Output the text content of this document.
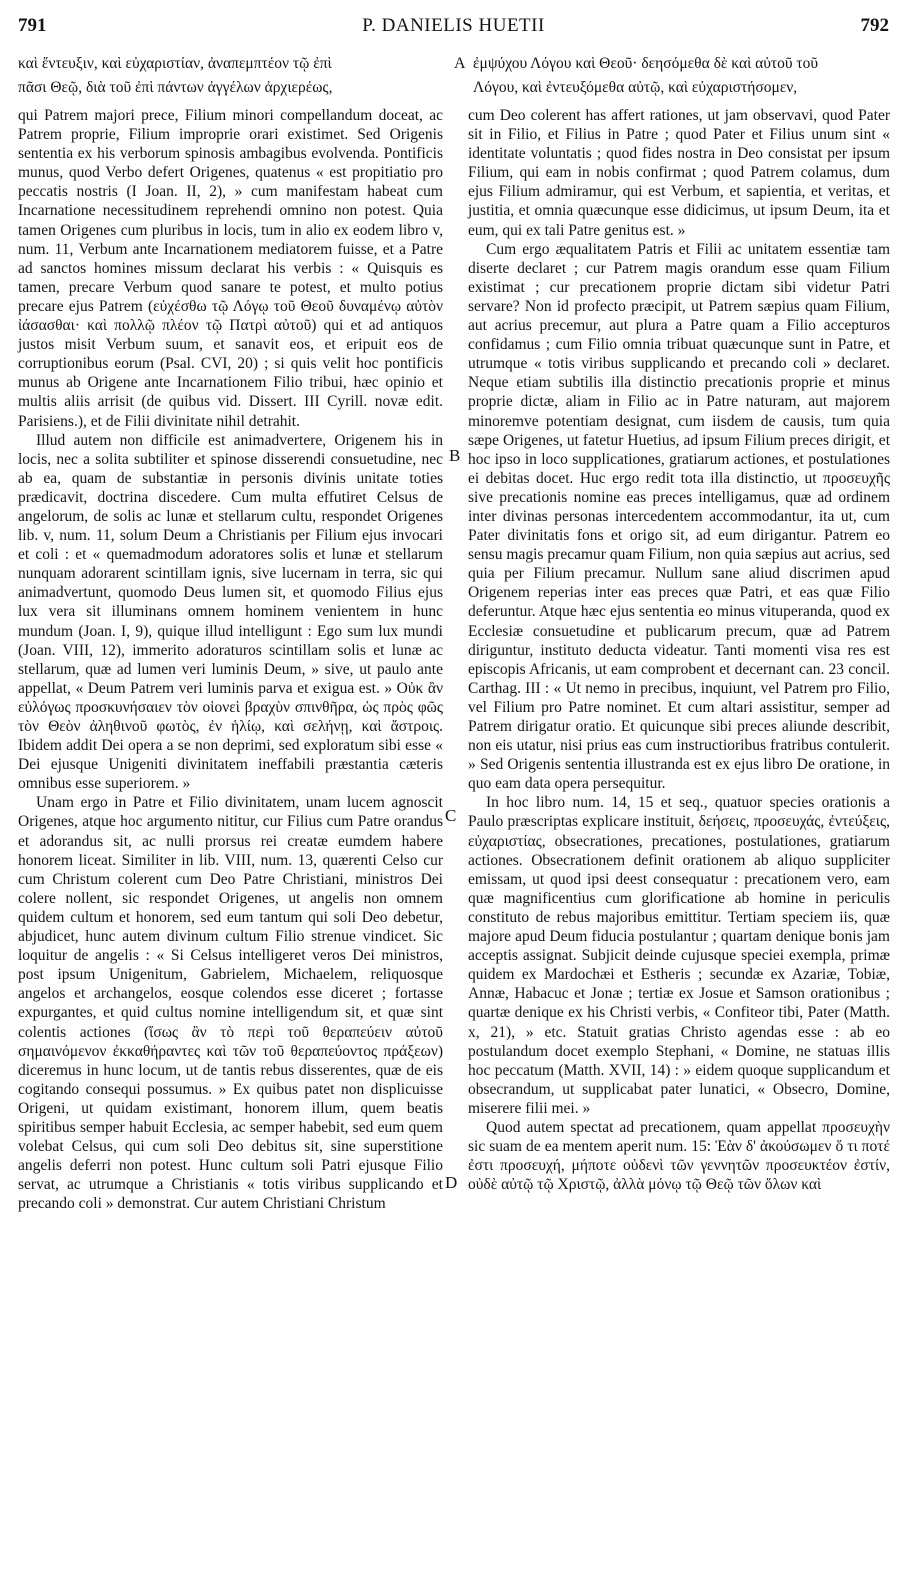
791	P. DANIELIS HUETII	792
καὶ ἔντευξιν, καὶ εὐχαριστίαν, ἀναπεμπτέον τῷ ἐπὶ
πᾶσι Θεῷ, διὰ τοῦ ἐπὶ πάντων ἀγγέλων ἀρχιερέως,
A ἐμψύχου Λόγου καὶ Θεοῦ· δεησόμεθα δὲ καὶ αὐτοῦ τοῦ
Λόγου, καὶ ἐντευξόμεθα αὐτῷ, καὶ εὐχαριστήσομεν,

qui Patrem majori prece, Filium minori compellandum doceat, ac Patrem proprie, Filium improprie orari existimet. Sed Origenis sententia ex his verborum spinosis ambagibus evolvenda. Pontificis munus, quod Verbo defert Origenes, quatenus « est propitiatio pro peccatis nostris (I Joan. II, 2), » cum manifestam habeat cum Incarnatione necessitudinem reprehendi omnino non potest. Quia tamen Origenes cum pluribus in locis, tum in alio ex eodem libro v, num. 11, Verbum ante Incarnationem mediatorem fuisse, et a Patre ad sanctos homines missum declarat his verbis : « Quisquis es tamen, precare Verbum quod sanare te potest, et multo potius precare ejus Patrem (εὐχέσθω τῷ Λόγῳ τοῦ Θεοῦ δυναμένῳ αὐτὸν ἰάσασθαι· καὶ πολλῷ πλέον τῷ Πατρὶ αὐτοῦ) qui et ad antiquos justos misit Verbum suum, et sanavit eos, et eripuit eos de corruptionibus eorum (Psal. CVI, 20) ; si quis velit hoc pontificis munus ab Origene ante Incarnationem Filio tribui, hæc opinio et multis aliis arrisit (de quibus vid. Dissert. III Cyrill. novæ edit. Parisiens.), et de Filii divinitate nihil detrahit.

Illud autem non difficile est animadvertere, Origenem his in locis, nec a solita subtiliter et spinose disserendi consuetudine, nec ab ea, quam de substantiæ in personis divinis unitate toties prædicavit, doctrina discedere. Cum multa effutiret Celsus de angelorum, de solis ac lunæ et stellarum cultu, respondet Origenes lib. v, num. 11, solum Deum a Christianis per Filium ejus invocari et coli : et « quemadmodum adoratores solis et lunæ et stellarum nunquam adorarent scintillam ignis, sive lucernam in terra, sic qui animadvertunt, quomodo Deus lumen sit, et quomodo Filius ejus lux vera sit illuminans omnem hominem venientem in hunc mundum (Joan. I, 9), quique illud intelligunt : Ego sum lux mundi (Joan. VIII, 12), immerito adoraturos scintillam solis et lunæ ac stellarum, quæ ad lumen veri luminis Deum, » sive, ut paulo ante appellat, « Deum Patrem veri luminis parva et exigua est. » Οὐκ ἂν εὐλόγως προσκυνήσαιεν τὸν οἱονεὶ βραχὺν σπινθῆρα, ὡς πρὸς φῶς τὸν Θεὸν ἀληθινοῦ φωτὸς, ἐν ἡλίῳ, καὶ σελήνῃ, καὶ ἄστροις. Ibidem addit Dei opera a se non deprimi, sed exploratum sibi esse « Dei ejusque Unigeniti divinitatem ineffabili præstantia cæteris omnibus esse superiorem. »

Unam ergo in Patre et Filio divinitatem, unam lucem agnoscit Origenes, atque hoc argumento nititur, cur Filius cum Patre orandus et adorandus sit, ac nulli prorsus rei creatæ eumdem habere honorem liceat. Similiter in lib. VIII, num. 13, quærenti Celso cur cum Christum colerent cum Deo Patre Christiani, ministros Dei colere nollent, sic respondet Origenes, ut angelis non omnem quidem cultum et honorem, sed eum tantum qui soli Deo debetur, abjudicet, hunc autem divinum cultum Filio strenue vindicet. Sic loquitur de angelis : « Si Celsus intelligeret veros Dei ministros, post ipsum Unigenitum, Gabrielem, Michaelem, reliquosque angelos et archangelos, eosque colendos esse diceret ; fortasse expurgantes, et quid cultus nomine intelligendum sit, et quæ sint colentis actiones (ἴσως ἂν τὸ περὶ τοῦ θεραπεύειν αὐτοῦ σημαινόμενον ἐκκαθήραντες καὶ τῶν τοῦ θεραπεύοντος πράξεων) diceremus in hunc locum, ut de tantis rebus disserentes, quæ de eis cogitando consequi possumus. » Ex quibus patet non displicuisse Origeni, ut quidam existimant, honorem illum, quem beatis spiritibus semper habuit Ecclesia, ac semper habebit, sed eum quem volebat Celsus, qui cum soli Deo debitus sit, sine superstitione angelis deferri non potest. Hunc cultum soli Patri ejusque Filio servat, ac utrumque a Christianis « totis viribus supplicando et precando coli » demonstrat. Cur autem Christiani Christum

B
C
D

cum Deo colerent has affert rationes, ut jam observavi, quod Pater sit in Filio, et Filius in Patre ; quod Pater et Filius unum sint « identitate voluntatis ; quod fides nostra in Deo consistat per ipsum Filium, qui eam in nobis confirmat ; quod Patrem colamus, dum ejus Filium admiramur, qui est Verbum, et sapientia, et veritas, et justitia, et omnia quæcunque esse didicimus, ut ipsum Deum, ita et eum, qui ex tali Patre genitus est. »

Cum ergo æqualitatem Patris et Filii ac unitatem essentiæ tam diserte declaret ; cur Patrem magis orandum esse quam Filium existimat ; cur precationem proprie dictam sibi videtur Patri servare? Non id profecto præcipit, ut Patrem sæpius quam Filium, aut acrius precemur, aut plura a Patre quam a Filio accepturos confidamus ; cum Filio omnia tribuat quæcunque sunt in Patre, et utrumque « totis viribus supplicando et precando coli » declaret. Neque etiam subtilis illa distinctio precationis proprie et minus proprie dictæ, aliam in Filio ac in Patre naturam, aut majorem minoremve potentiam designat, cum iisdem de causis, tum quia sæpe Origenes, ut fatetur Huetius, ad ipsum Filium preces dirigit, et hoc ipso in loco supplicationes, gratiarum actiones, et postulationes ei debitas docet. Huc ergo redit tota illa distinctio, ut προσευχῆς sive precationis nomine eas preces intelligamus, quæ ad ordinem inter divinas personas intercedentem accommodantur, ita ut, cum Pater divinitatis fons et origo sit, ad eum dirigantur. Patrem eo sensu magis precamur quam Filium, non quia sæpius aut acrius, sed quia per Filium precamur. Nullum sane aliud discrimen apud Origenem reperias inter eas preces quæ Patri, et eas quæ Filio deferuntur. Atque hæc ejus sententia eo minus vituperanda, quod ex Ecclesiæ consuetudine et publicarum precum, quæ ad Patrem diriguntur, instituto deducta videatur. Tanti momenti visa res est episcopis Africanis, ut eam comprobent et decernant can. 23 concil. Carthag. III : « Ut nemo in precibus, inquiunt, vel Patrem pro Filio, vel Filium pro Patre nominet. Et cum altari assistitur, semper ad Patrem dirigatur oratio. Et quicunque sibi preces aliunde describit, non eis utatur, nisi prius eas cum instructioribus fratribus contulerit. » Sed Origenis sententia illustranda est ex ejus libro De oratione, in quo eam data opera persequitur.

In hoc libro num. 14, 15 et seq., quatuor species orationis a Paulo præscriptas explicare instituit, δεήσεις, προσευχάς, ἐντεύξεις, εὐχαριστίας, obsecrationes, precationes, postulationes, gratiarum actiones. Obsecrationem definit orationem ab aliquo suppliciter emissam, ut quod ipsi deest consequatur : precationem vero, eam quæ magnificentius cum glorificatione ab homine in periculis constituto de rebus majoribus emittitur. Tertiam speciem iis, quæ majore apud Deum fiducia postulantur ; quartam denique bonis jam acceptis assignat. Subjicit deinde cujusque speciei exempla, primæ quidem ex Mardochæi et Estheris ; secundæ ex Azariæ, Tobiæ, Annæ, Habacuc et Jonæ ; tertiæ ex Josue et Samson orationibus ; quartæ denique ex his Christi verbis, « Confiteor tibi, Pater (Matth. x, 21), » etc. Statuit gratias Christo agendas esse : ab eo postulandum docet exemplo Stephani, « Domine, ne statuas illis hoc peccatum (Matth. XVII, 14) : » eidem quoque supplicandum et obsecrandum, ut supplicabat pater lunatici, « Obsecro, Domine, miserere filii mei. »

Quod autem spectat ad precationem, quam appellat προσευχὴν sic suam de ea mentem aperit num. 15: Ἐὰν δ' ἀκούσωμεν ὅ τι ποτέ ἐστι προσευχή, μήποτε οὐδενὶ τῶν γεννητῶν προσευκτέον ἐστίν, οὐδὲ αὐτῷ τῷ Χριστῷ, ἀλλὰ μόνῳ τῷ Θεῷ τῶν ὅλων καὶ
